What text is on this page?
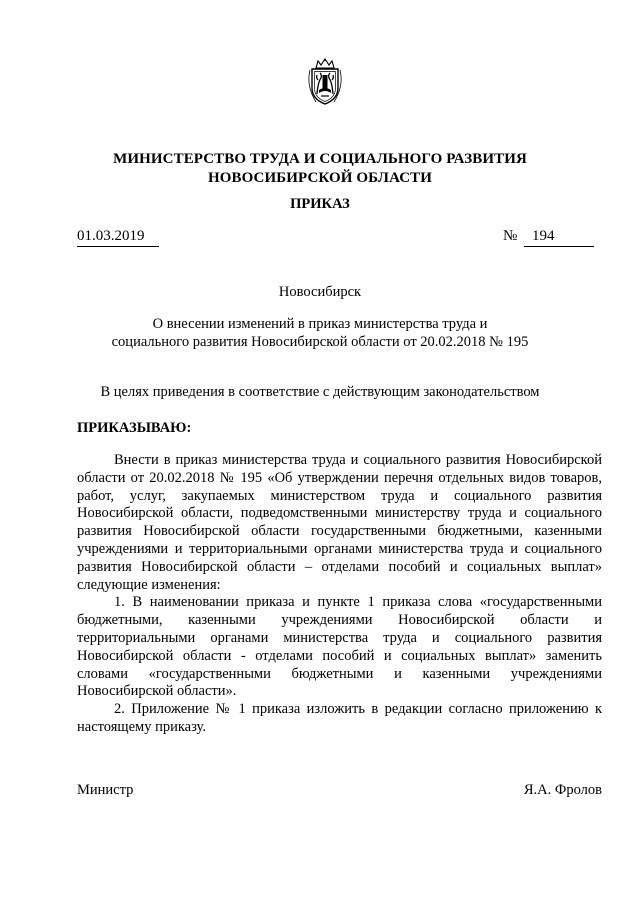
МИНИСТЕРСТВО ТРУДА И СОЦИАЛЬНОГО РАЗВИТИЯ
НОВОСИБИРСКОЙ ОБЛАСТИ
ПРИКАЗ
01.03.2019	№ 194
Новосибирск
О внесении изменений в приказ министерства труда и
социального развития Новосибирской области от 20.02.2018 № 195
В целях приведения в соответствие с действующим законодательством
ПРИКАЗЫВАЮ:

Внести в приказ министерства труда и социального развития Новосибирской области от 20.02.2018 № 195 «Об утверждении перечня отдельных видов товаров, работ, услуг, закупаемых министерством труда и социального развития Новосибирской области, подведомственными министерству труда и социального развития Новосибирской области государственными бюджетными, казенными учреждениями и территориальными органами министерства труда и социального развития Новосибирской области – отделами пособий и социальных выплат» следующие изменения:

1. В наименовании приказа и пункте 1 приказа слова «государственными бюджетными, казенными учреждениями Новосибирской области и территориальными органами министерства труда и социального развития Новосибирской области - отделами пособий и социальных выплат» заменить словами «государственными бюджетными и казенными учреждениями Новосибирской области».

2. Приложение № 1 приказа изложить в редакции согласно приложению к настоящему приказу.

Министр	Я.А. Фролов
